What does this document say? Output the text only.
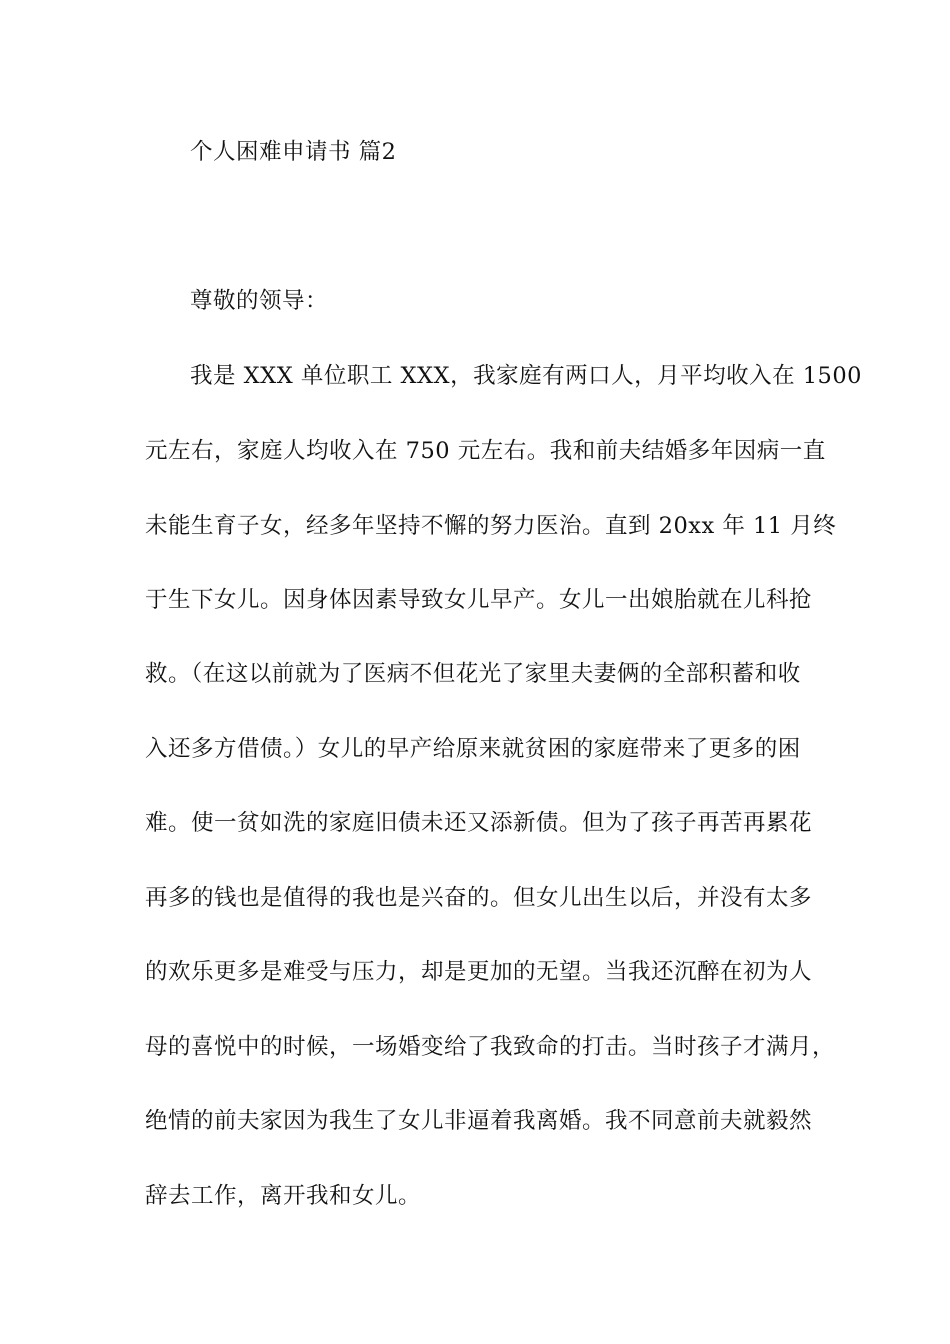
个人困难申请书 篇2

尊敬的领导：

我是 XXX 单位职工 XXX，我家庭有两口人，月平均收入在 1500

元左右，家庭人均收入在 750 元左右。我和前夫结婚多年因病一直

未能生育子女，经多年坚持不懈的努力医治。直到 20xx 年 11 月终

于生下女儿。因身体因素导致女儿早产。女儿一出娘胎就在儿科抢

救。（在这以前就为了医病不但花光了家里夫妻俩的全部积蓄和收

入还多方借债。）女儿的早产给原来就贫困的家庭带来了更多的困

难。使一贫如洗的家庭旧债未还又添新债。但为了孩子再苦再累花

再多的钱也是值得的我也是兴奋的。但女儿出生以后，并没有太多

的欢乐更多是难受与压力，却是更加的无望。当我还沉醉在初为人

母的喜悦中的时候，一场婚变给了我致命的打击。当时孩子才满月，

绝情的前夫家因为我生了女儿非逼着我离婚。我不同意前夫就毅然

辞去工作，离开我和女儿。
